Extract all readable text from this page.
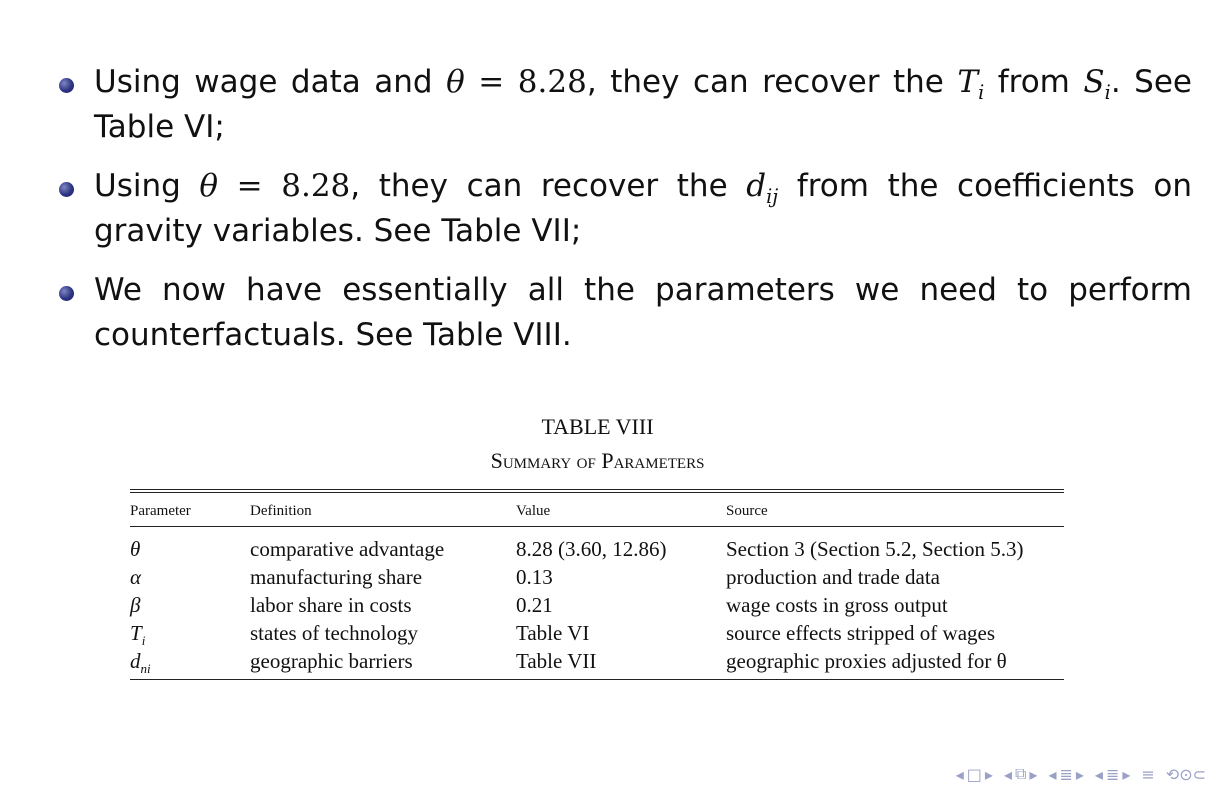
Using wage data and θ = 8.28, they can recover the $T_i$ from $S_i$. See Table VI;
Using θ = 8.28, they can recover the $d_{ij}$ from the coefficients on gravity variables. See Table VII;
We now have essentially all the parameters we need to perform counterfactuals. See Table VIII.
TABLE VIII
Summary of Parameters
Parameter	Definition	Value	Source
θ	comparative advantage	8.28 (3.60, 12.86)	Section 3 (Section 5.2, Section 5.3)
α	manufacturing share	0.13	production and trade data
β	labor share in costs	0.21	wage costs in gross output
$T_i$	states of technology	Table VI	source effects stripped of wages
$d_{ni}$	geographic barriers	Table VII	geographic proxies adjusted for θ
◂ □ ▸ ◂ ⧉ ▸ ◂ ≣ ▸ ◂ ≣ ▸ ≡ ⟲⊙⊂
